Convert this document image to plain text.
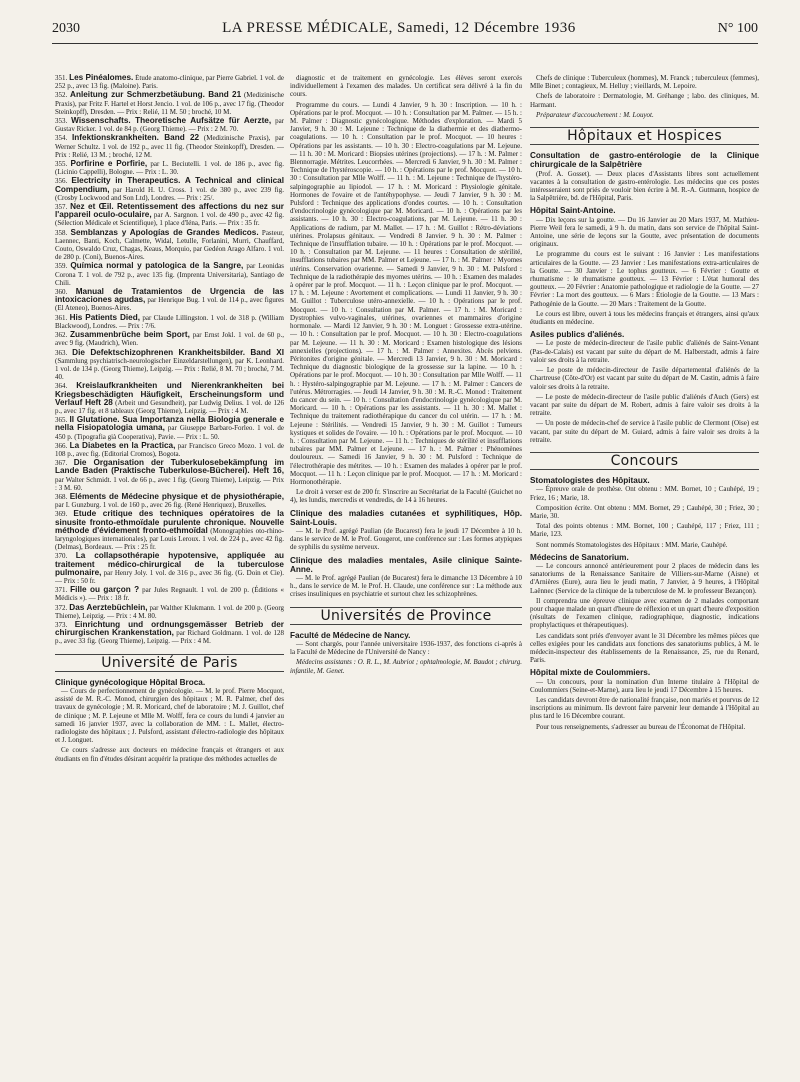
2030	LA PRESSE MÉDICALE, Samedi, 12 Décembre 1936	N° 100
351. Les Pinéalomes. Étude anatomo-clinique, par Pierre Gabriel. 1 vol. de 252 p., avec 13 fig. (Maloine). Paris.
352. Anleitung zur Schmerzbetäubung. Band 21 (Medizinische Praxis), par Fritz F. Hartel et Horst Jencio. 1 vol. de 106 p., avec 17 fig. (Theodor Steinkopff), Dresden. — Prix : Relié, 11 M. 50 ; broché, 10 M.
353. Wissenschafts. Theoretische Aufsätze für Aerzte, par Gustav Ricker. 1 vol. de 84 p. (Georg Thieme). — Prix : 2 M. 70.
354. Infektionskrankheiten. Band 22 (Medizinische Praxis), par Werner Schultz. 1 vol. de 192 p., avec 11 fig. (Theodor Steinkopff), Dresden. — Prix : Relié, 13 M. ; broché, 12 M.
355. Porfirine e Porfirie, par L. Beciutelli. 1 vol. de 186 p., avec fig. (Licinio Cappelli), Bologne. — Prix : L. 30.
356. Electricity in Therapeutics. A Technical and clinical Compendium, par Harold H. U. Cross. 1 vol. de 380 p., avec 239 fig. (Crosby Lockwood and Son Ltd), Londres. — Prix : 25/.
357. Nez et Œil. Retentissement des affections du nez sur l'appareil oculo-oculaire, par A. Sargnon. 1 vol. de 490 p., avec 42 fig. (Sélection Médicale et Scientifique), 1 place d'Iéna, Paris. — Prix : 35 fr.
358. Semblanzas y Apologías de Grandes Medicos. Pasteur, Laennec, Banti, Koch, Calmette, Widal, Letulle, Forlanini, Murri, Chauffard, Couto, Oswaldo Cruz, Chagas, Keaus, Morquio, par Gedéon Arago Alfaro. 1 vol. de 280 p. (Coni), Buenos-Aires.
359. Química normal y patologica de la Sangre, par Leonidas Corona T. 1 vol. de 792 p., avec 135 fig. (Imprenta Universitaria), Santiago de Chili.
360. Manual de Tratamientos de Urgencia de las intoxicaciones agudas, par Henrique Bug. 1 vol. de 114 p., avec figures (El Ateneo), Buenos-Aires.
361. His Patients Died, par Claude Lillingston. 1 vol. de 318 p. (William Blackwood), Londres. — Prix : 7/6.
362. Zusammenbrüche beim Sport, par Ernst Jokl. 1 vol. de 60 p., avec 9 fig. (Maudrich), Wien.
363. Die Defektschizophrenen Krankheitsbilder. Band XI (Sammlung psychiatrisch-neurologischer Einzeldarstellungen), par K. Leonhard. 1 vol. de 134 p. (Georg Thieme), Leipzig. — Prix : Relié, 8 M. 70 ; broché, 7 M. 40.
364. Kreislaufkrankheiten und Nierenkrankheiten bei Kriegsbeschädigten Häufigkeit, Erscheinungsform und Verlauf Heft 28 (Arbeit und Gesundheit), par Ludwig Delius. 1 vol. de 126 p., avec 17 fig. et 8 tableaux (Georg Thieme), Leipzig. — Prix : 4 M.
365. Il Glutatione. Sua Importanza nella Biologia generale e nella Fisiopatologia umana, par Giuseppe Barbaro-Forleo. 1 vol. de 450 p. (Tipografia già Cooperativa), Pavie. — Prix : L. 50.
366. La Diabetes en la Practica, par Francisco Greco Mozo. 1 vol. de 108 p., avec fig. (Editorial Cromos), Bogota.
367. Die Organisation der Tuberkulosebekämpfung im Lande Baden (Praktische Tuberkulose-Bücherei). Heft 16, par Walter Schmidt. 1 vol. de 66 p., avec 1 fig. (Georg Thieme), Leipzig. — Prix : 3 M. 60.
368. Eléments de Médecine physique et de physiothérapie, par I. Gunzburg. 1 vol. de 160 p., avec 26 fig. (René Henriquez), Bruxelles.
369. Etude critique des techniques opératoires de la sinusite fronto-ethmoïdale purulente chronique. Nouvelle méthode d'évidement fronto-ethmoïdal (Monographies oto-rhino-laryngologiques internationales), par Louis Leroux. 1 vol. de 224 p., avec 42 fig. (Delmas), Bordeaux. — Prix : 25 fr.
370. La collapsothérapie hypotensive, appliquée au traitement médico-chirurgical de la tuberculose pulmonaire, par Henry Joly. 1 vol. de 316 p., avec 36 fig. (G. Doin et Cie). — Prix : 50 fr.
371. Fille ou garçon ? par Jules Regnault. 1 vol. de 200 p. (Éditions « Médicis »). — Prix : 18 fr.
372. Das Aerztebüchlein, par Walther Klukmann. 1 vol. de 200 p. (Georg Thieme), Leipzig. — Prix : 4 M. 80.
373. Einrichtung und ordnungsgemässer Betrieb der chirurgischen Krankenstation, par Richard Goldmann. 1 vol. de 128 p., avec 33 fig. (Georg Thieme), Leipzig. — Prix : 4 M.
Université de Paris
Clinique gynécologique Hôpital Broca.

— Cours de perfectionnement de gynécologie. — M. le prof. Pierre Mocquot, assisté de M. R.-C. Monod, chirurgien des hôpitaux ; M. R. Palmer, chef des travaux de gynécologie ; M. R. Moricard, chef de laboratoire ; M. J. Guillot, chef de clinique ; M. P. Lejeune et Mlle M. Wolff, fera ce cours du lundi 4 janvier au samedi 16 janvier 1937, avec la collaboration de MM. : L. Mallet, électro-radiologiste des hôpitaux ; J. Pulsford, assistant d'électro-radiologie des hôpitaux et J. Longuet.

Ce cours s'adresse aux docteurs en médecine français et étrangers et aux étudiants en fin d'études désirant acquérir la pratique des méthodes actuelles de

diagnostic et de traitement en gynécologie. Les élèves seront exercés individuellement à l'examen des malades. Un certificat sera délivré à la fin du cours.

Programme du cours. — Lundi 4 Janvier, 9 h. 30 : Inscription. — 10 h. : Opérations par le prof. Mocquot. — 10 h. : Consultation par M. Palmer. — 15 h. : M. Palmer : Diagnostic gynécologique. Méthodes d'exploration. — Mardi 5 Janvier, 9 h. 30 : M. Lejeune : Technique de la diathermie et des diathermo-coagulations. — 10 h. : Consultation par le prof. Mocquot. — 10 heures : Opérations par les assistants. — 10 h. 30 : Electro-coagulations par M. Lejeune. — 11 h. 30 : M. Moricard : Biopsies utérines (projections). — 17 h. : M. Palmer : Blennorragie. Métrites. Leucorrhées. — Mercredi 6 Janvier, 9 h. 30 : M. Palmer : Technique de l'hystéroscopie. — 10 h. : Opérations par le prof. Mocquot. — 10 h. 30 : Consultation par Mlle Wolff. — 11 h. : M. Lejeune : Technique de l'hystéro-salpingographie au lipiodol. — 17 h. : M. Moricard : Physiologie génitale. Hormones de l'ovaire et de l'antéhypophyse. — Jeudi 7 Janvier, 9 h. 30 : M. Pulsford : Technique des applications d'ondes courtes. — 10 h. : Consultation d'endocrinologie gynécologique par M. Moricard. — 10 h. : Opérations par les assistants. — 10 h. 30 : Electro-coagulations, par M. Lejeune. — 11 h. 30 : Applications de radium, par M. Mallet. — 17 h. : M. Guillot : Rétro-déviations utérines. Prolapsus génitaux. — Vendredi 8 Janvier. 9 h. 30 : M. Palmer : Technique de l'insufflation tubaire. — 10 h. : Opérations par le prof. Mocquot. — 10 h. : Consultation par M. Lejeune. — 11 heures : Consultation de stérilité, insufflations tubaires par MM. Palmer et Lejeune. — 17 h. : M. Palmer : Myomes utérins. Conservation ovarienne. — Samedi 9 Janvier, 9 h. 30 : M. Pulsford : Technique de la radiothérapie des myomes utérins. — 10 h. : Examen des malades à opérer par le prof. Mocquot. — 11 h. : Leçon clinique par le prof. Mocquot. — 17 h. : M. Lejeune : Avortement et complications. — Lundi 11 Janvier, 9 h. 30 : M. Guillot : Tuberculose utéro-annexielle. — 10 h. : Opérations par le prof. Mocquot. — 10 h. : Consultation par M. Palmer. — 17 h. : M. Moricard : Dystrophies vulvo-vaginales, utérines, ovariennes et mammaires d'origine hormonale. — Mardi 12 Janvier, 9 h. 30 : M. Longuet : Grossesse extra-utérine. — 10 h. : Consultation par le prof. Mocquot. — 10 h. 30 : Electro-coagulations par M. Lejeune. — 11 h. 30 : M. Moricard : Examen histologique des lésions annexielles (projections). — 17 h. : M. Palmer : Annexites. Abcès pelviens. Péritonites d'origine génitale. — Mercredi 13 Janvier, 9 h. 30 : M. Moricard : Technique du diagnostic biologique de la grossesse sur la lapine. — 10 h. : Opérations par le prof. Mocquot. — 10 h. 30 : Consultation par Mlle Wolff. — 11 h. : Hystéro-salpingographie par M. Lejeune. — 17 h. : M. Palmer : Cancers de l'utérus. Métrorragies. — Jeudi 14 Janvier, 9 h. 30 : M. R.-C. Monod : Traitement du cancer du sein. — 10 h. : Consultation d'endocrinologie gynécologique par M. Moricard. — 10 h. : Opérations par les assistants. — 11 h. 30 : M. Mallet : Technique du traitement radiothérapique du cancer du col utérin. — 17 h. : M. Lejeune : Stérilités. — Vendredi 15 Janvier, 9 h. 30 : M. Guillot : Tumeurs kystiques et solides de l'ovaire. — 10 h. : Opérations par le prof. Mocquot. — 10 h. : Consultation par M. Lejeune. — 11 h. : Techniques de stérilité et insufflations tubaires par MM. Palmer et Lejeune. — 17 h. : M. Palmer : Phénomènes douloureux. — Samedi 16 Janvier, 9 h. 30 : M. Pulsford : Technique de l'électrothérapie des métrites. — 10 h. : Examen des malades à opérer par le prof. Mocquot. — 11 h. : Leçon clinique par le prof. Mocquot. — 17 h. : M. Moricard : Hormonothérapie.

Le droit à verser est de 200 fr. S'inscrire au Secrétariat de la Faculté (Guichet no 4), les lundis, mercredis et vendredis, de 14 à 16 heures.

Clinique des maladies cutanées et syphilitiques, Hôp. Saint-Louis.

— M. le Prof. agrégé Paulian (de Bucarest) fera le jeudi 17 Décembre à 10 h. dans le service de M. le Prof. Gougerot, une conférence sur : Les formes atypiques de syphilis du système nerveux.

Clinique des maladies mentales, Asile clinique Sainte-Anne.

— M. le Prof. agrégé Paulian (de Bucarest) fera le dimanche 13 Décembre à 10 h., dans le service de M. le Prof. H. Claude, une conférence sur : La méthode aux crises insuliniques en psychiatrie et surtout chez les schizophrènes.

Universités de Province
Faculté de Médecine de Nancy.

— Sont chargés, pour l'année universitaire 1936-1937, des fonctions ci-après à la Faculté de Médecine de l'Université de Nancy :

Médecins assistants : O. R. L., M. Aubriot ; ophtalmologie, M. Baudot ; chirurg. infantile, M. Genet.

Chefs de clinique : Tuberculeux (hommes), M. Franck ; tuberculeux (femmes), Mlle Binet ; contagieux, M. Helluy ; vieillards, M. Lepoire.

Chefs de laboratoire : Dermatologie, M. Gréhange ; labo. des cliniques, M. Harmant.

Préparateur d'accouchement : M. Louyot.

Hôpitaux et Hospices
Consultation de gastro-entérologie de la Clinique chirurgicale de la Salpêtrière

(Prof. A. Gosset). — Deux places d'Assistants libres sont actuellement vacantes à la consultation de gastro-entérologie. Les médecins que ces postes intéresseraient sont priés de vouloir bien écrire à M. R.-A. Gutmann, hospice de la Salpêtrière, bd. de l'Hôpital, Paris.

Hôpital Saint-Antoine.

— Dix leçons sur la goutte. — Du 16 Janvier au 20 Mars 1937, M. Mathieu-Pierre Weil fera le samedi, à 9 h. du matin, dans son service de l'hôpital Saint-Antoine, une série de leçons sur la Goutte, avec présentation de documents originaux.

Le programme du cours est le suivant : 16 Janvier : Les manifestations articulaires de la Goutte. — 23 Janvier : Les manifestations extra-articulaires de la Goutte. — 30 Janvier : Le tophus goutteux. — 6 Février : Goutte et rhumatisme : le rhumatisme goutteux. — 13 Février : L'état humoral des goutteux. — 20 Février : Anatomie pathologique et radiologie de la Goutte. — 27 Février : La mort des goutteux. — 6 Mars : Étiologie de la Goutte. — 13 Mars : Pathogénie de la Goutte. — 20 Mars : Traitement de la Goutte.

Le cours est libre, ouvert à tous les médecins français et étrangers, ainsi qu'aux étudiants en médecine.

Asiles publics d'aliénés.

— Le poste de médecin-directeur de l'asile public d'aliénés de Saint-Venant (Pas-de-Calais) est vacant par suite du départ de M. Halberstadt, admis à faire valoir ses droits à la retraite.

— Le poste de médecin-directeur de l'asile départemental d'aliénés de la Chartreuse (Côte-d'Or) est vacant par suite du départ de M. Castin, admis à faire valoir ses droits à la retraite.

— Le poste de médecin-directeur de l'asile public d'aliénés d'Auch (Gers) est vacant par suite du départ de M. Robert, admis à faire valoir ses droits à la retraite.

— Un poste de médecin-chef de service à l'asile public de Clermont (Oise) est vacant, par suite du départ de M. Guiard, admis à faire valoir ses droits à la retraite.

Concours
Stomatologistes des Hôpitaux.

— Épreuve orale de prothèse. Ont obtenu : MM. Bornet, 10 ; Cauhépé, 19 ; Friez, 16 ; Marie, 18.

Composition écrite. Ont obtenu : MM. Bornet, 29 ; Cauhépé, 30 ; Friez, 30 ; Marie, 30.

Total des points obtenus : MM. Bornet, 100 ; Cauhépé, 117 ; Friez, 111 ; Marie, 123.

Sont nommés Stomatologistes des Hôpitaux : MM. Marie, Cauhépé.

Médecins de Sanatorium.

— Le concours annoncé antérieurement pour 2 places de médecin dans les sanatoriums de la Renaissance Sanitaire de Villiers-sur-Marne (Aisne) et d'Arnières (Eure), aura lieu le jeudi matin, 7 Janvier, à 9 heures, à l'Hôpital Laënnec (Service de la clinique de la tuberculose de M. le professeur Bezançon).

Il comprendra une épreuve clinique avec examen de 2 malades comportant pour chaque malade un quart d'heure de réflexion et un quart d'heure d'exposition (résultats de l'examen clinique, radiographique, diagnostic, indications prophylactiques et thérapeutiques).

Les candidats sont priés d'envoyer avant le 31 Décembre les mêmes pièces que celles exigées pour les candidats aux fonctions des sanatoriums publics, à M. le médecin-inspecteur des établissements de la Renaissance, 25, rue du Renard, Paris.

Hôpital mixte de Coulommiers.

— Un concours, pour la nomination d'un Interne titulaire à l'Hôpital de Coulommiers (Seine-et-Marne), aura lieu le jeudi 17 Décembre à 15 heures.

Les candidats devront être de nationalité française, non mariés et pourvus de 12 inscriptions au minimum. Ils devront faire parvenir leur demande à l'Hôpital au plus tard le 16 Décembre courant.

Pour tous renseignements, s'adresser au bureau de l'Économat de l'Hôpital.
